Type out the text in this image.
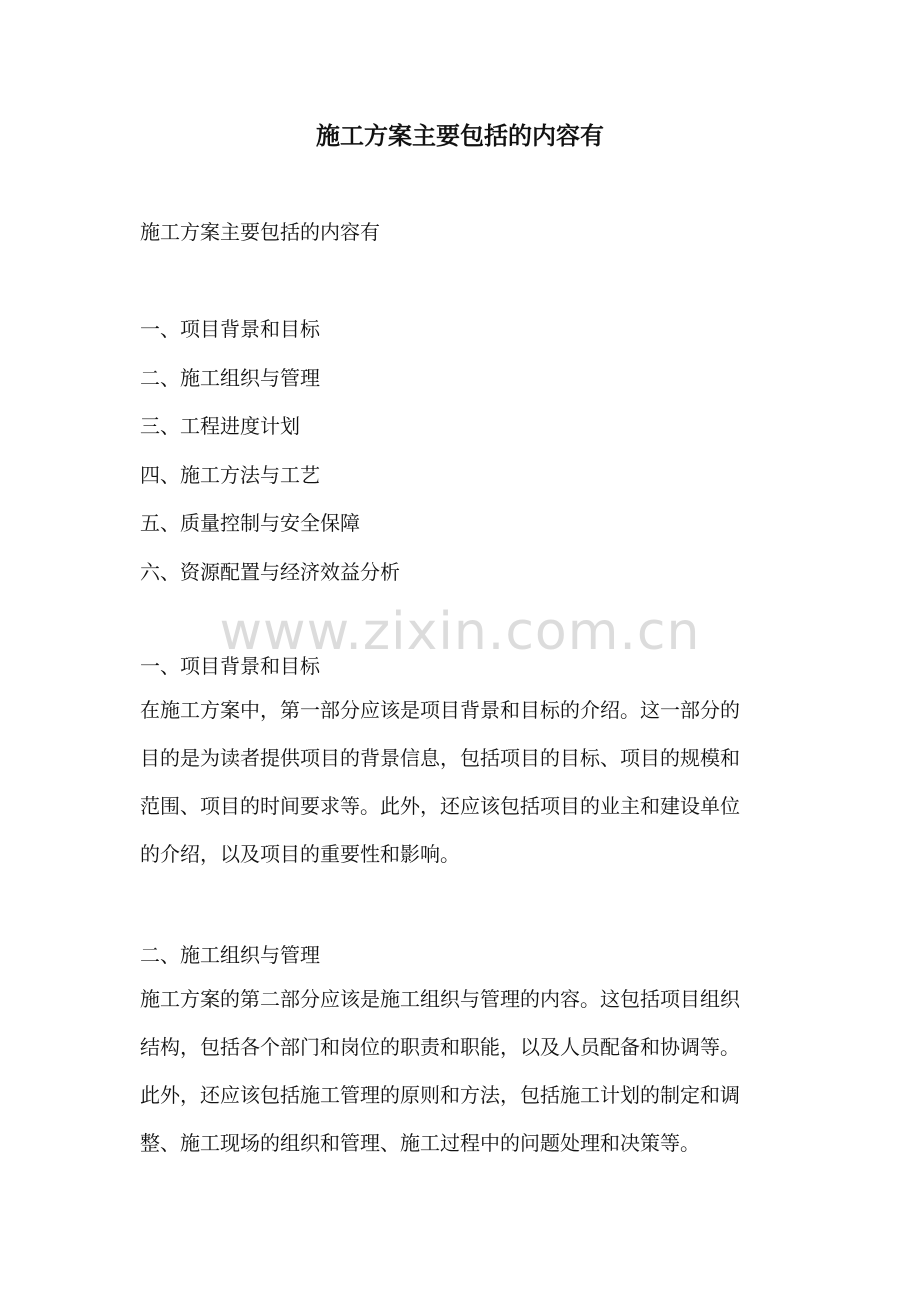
施工方案主要包括的内容有
施工方案主要包括的内容有
一、项目背景和目标
二、施工组织与管理
三、工程进度计划
四、施工方法与工艺
五、质量控制与安全保障
六、资源配置与经济效益分析
www.zixin.com.cn
一、项目背景和目标

在施工方案中，第一部分应该是项目背景和目标的介绍。这一部分的
目的是为读者提供项目的背景信息，包括项目的目标、项目的规模和
范围、项目的时间要求等。此外，还应该包括项目的业主和建设单位
的介绍，以及项目的重要性和影响。

二、施工组织与管理

施工方案的第二部分应该是施工组织与管理的内容。这包括项目组织
结构，包括各个部门和岗位的职责和职能，以及人员配备和协调等。
此外，还应该包括施工管理的原则和方法，包括施工计划的制定和调
整、施工现场的组织和管理、施工过程中的问题处理和决策等。
